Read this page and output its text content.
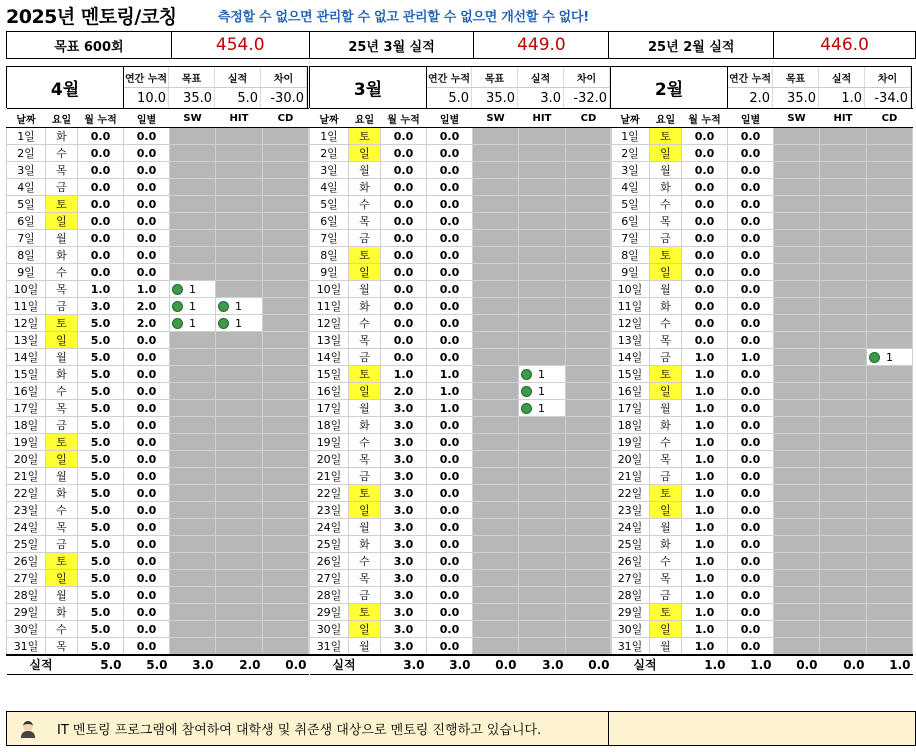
2025년 멘토링/코칭	측정할 수 없으면 관리할 수 없고 관리할 수 없으면 개선할 수 없다!
목표 600회	454.0	25년 3월 실적	449.0	25년 2월 실적	446.0
4월
연간 누적	목표	실적	차이
10.0	35.0	5.0 -30.0
날짜	요일	월 누적	일별	SW	HIT	CD
1일	화	0.0	0.0			
2일	수	0.0	0.0			
3일	목	0.0	0.0			
4일	금	0.0	0.0			
5일	토	0.0	0.0			
6일	일	0.0	0.0			
7일	월	0.0	0.0			
8일	화	0.0	0.0			
9일	수	0.0	0.0			
10일	목	1.0	1.0	1		
11일	금	3.0	2.0	1	1	
12일	토	5.0	2.0	1	1	
13일	일	5.0	0.0			
14일	월	5.0	0.0			
15일	화	5.0	0.0			
16일	수	5.0	0.0			
17일	목	5.0	0.0			
18일	금	5.0	0.0			
19일	토	5.0	0.0			
20일	일	5.0	0.0			
21일	월	5.0	0.0			
22일	화	5.0	0.0			
23일	수	5.0	0.0			
24일	목	5.0	0.0			
25일	금	5.0	0.0			
26일	토	5.0	0.0			
27일	일	5.0	0.0			
28일	월	5.0	0.0			
29일	화	5.0	0.0			
30일	수	5.0	0.0			
31일	목	5.0	0.0			
실적		5.0	5.0	3.0	2.0	0.0
3월
연간 누적	목표	실적	차이
5.0	35.0	3.0 -32.0
날짜	요일	월 누적	일별	SW	HIT	CD
1일	토	0.0	0.0			
2일	일	0.0	0.0			
3일	월	0.0	0.0			
4일	화	0.0	0.0			
5일	수	0.0	0.0			
6일	목	0.0	0.0			
7일	금	0.0	0.0			
8일	토	0.0	0.0			
9일	일	0.0	0.0			
10일	월	0.0	0.0			
11일	화	0.0	0.0			
12일	수	0.0	0.0			
13일	목	0.0	0.0			
14일	금	0.0	0.0			
15일	토	1.0	1.0		1	
16일	일	2.0	1.0		1	
17일	월	3.0	1.0		1	
18일	화	3.0	0.0			
19일	수	3.0	0.0			
20일	목	3.0	0.0			
21일	금	3.0	0.0			
22일	토	3.0	0.0			
23일	일	3.0	0.0			
24일	월	3.0	0.0			
25일	화	3.0	0.0			
26일	수	3.0	0.0			
27일	목	3.0	0.0			
28일	금	3.0	0.0			
29일	토	3.0	0.0			
30일	일	3.0	0.0			
31일	월	3.0	0.0			
실적		3.0	3.0	0.0	3.0	0.0
2월
연간 누적	목표	실적	차이
2.0	35.0	1.0 -34.0
날짜	요일	월 누적	일별	SW	HIT	CD
1일	토	0.0	0.0			
2일	일	0.0	0.0			
3일	월	0.0	0.0			
4일	화	0.0	0.0			
5일	수	0.0	0.0			
6일	목	0.0	0.0			
7일	금	0.0	0.0			
8일	토	0.0	0.0			
9일	일	0.0	0.0			
10일	월	0.0	0.0			
11일	화	0.0	0.0			
12일	수	0.0	0.0			
13일	목	0.0	0.0			
14일	금	1.0	1.0			1
15일	토	1.0	0.0			
16일	일	1.0	0.0			
17일	월	1.0	0.0			
18일	화	1.0	0.0			
19일	수	1.0	0.0			
20일	목	1.0	0.0			
21일	금	1.0	0.0			
22일	토	1.0	0.0			
23일	일	1.0	0.0			
24일	월	1.0	0.0			
25일	화	1.0	0.0			
26일	수	1.0	0.0			
27일	목	1.0	0.0			
28일	금	1.0	0.0			
29일	토	1.0	0.0			
30일	일	1.0	0.0			
31일	월	1.0	0.0			
실적		1.0	1.0	0.0	0.0	1.0
IT 멘토링 프로그램에 참여하여 대학생 및 취준생 대상으로 멘토링 진행하고 있습니다.
